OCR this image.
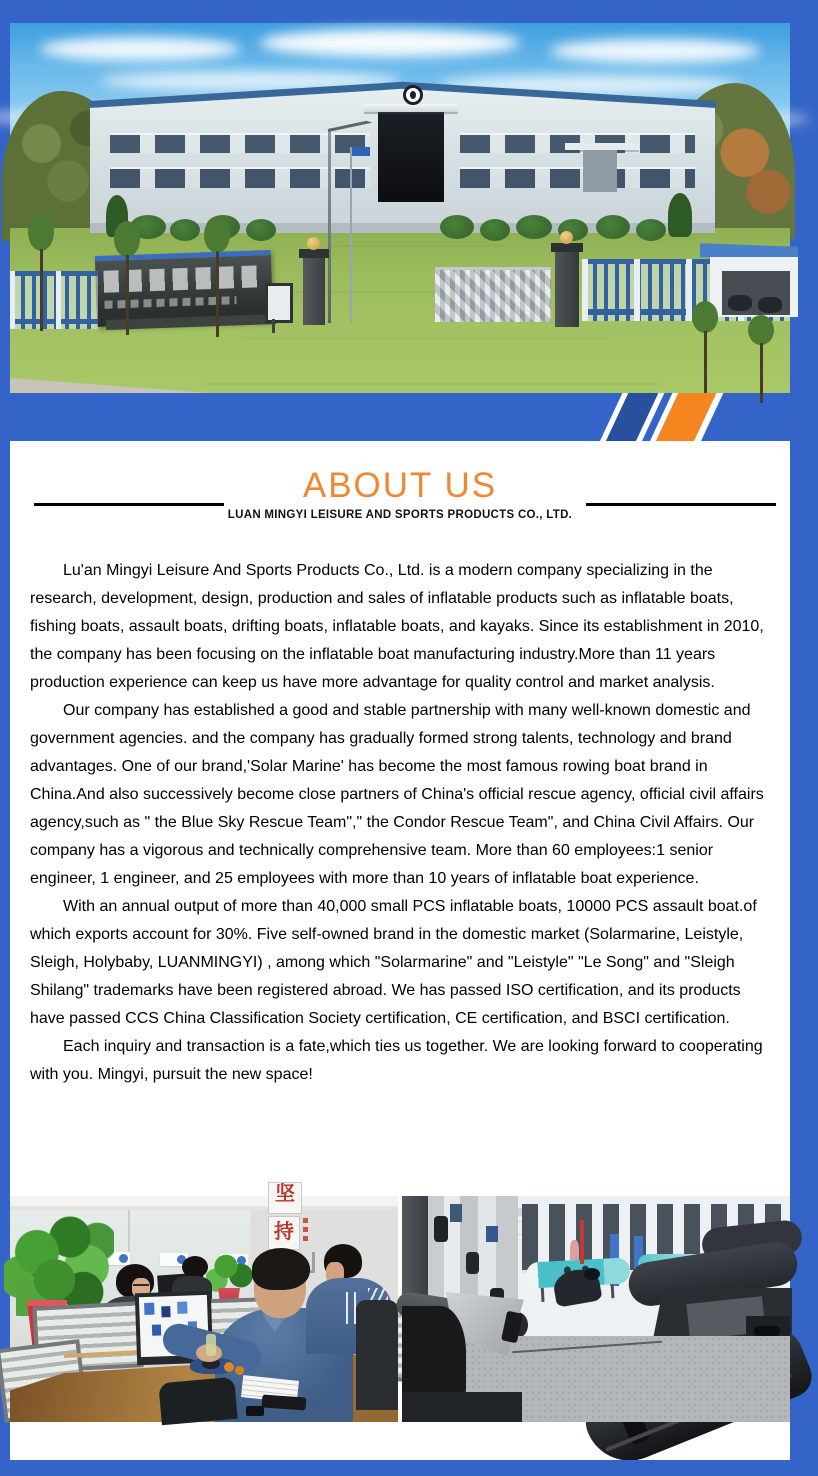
ABOUT US
LUAN MINGYI LEISURE AND SPORTS PRODUCTS CO., LTD.

Lu'an Mingyi Leisure And Sports Products Co., Ltd. is a modern company specializing in the research, development, design, production and sales of inflatable products such as inflatable boats, fishing boats, assault boats, drifting boats, inflatable boats, and kayaks. Since its establishment in 2010, the company has been focusing on the inflatable boat manufacturing industry.More than 11 years production experience can keep us have more advantage for quality control and market analysis.

Our company has established a good and stable partnership with many well-known domestic and government agencies. and the company has gradually formed strong talents, technology and brand advantages. One of our brand,'Solar Marine' has become the most famous rowing boat brand in China.And also successively become close partners of China's official rescue agency, official civil affairs agency,such as " the Blue Sky Rescue Team"," the Condor Rescue Team", and China Civil Affairs. Our company has a vigorous and technically comprehensive team. More than 60 employees:1 senior engineer, 1 engineer, and 25 employees with more than 10 years of inflatable boat experience.

With an annual output of more than 40,000 small PCS inflatable boats, 10000 PCS assault boat.of which exports account for 30%. Five self-owned brand in the domestic market (Solarmarine, Leistyle, Sleigh, Holybaby, LUANMINGYI) , among which "Solarmarine" and "Leistyle" "Le Song" and "Sleigh Shilang" trademarks have been registered abroad. We has passed ISO certification, and its products have passed CCS China Classification Society certification, CE certification, and BSCI certification.

Each inquiry and transaction is a fate,which ties us together. We are looking forward to cooperating with you. Mingyi, pursuit the new space!

坚
持
